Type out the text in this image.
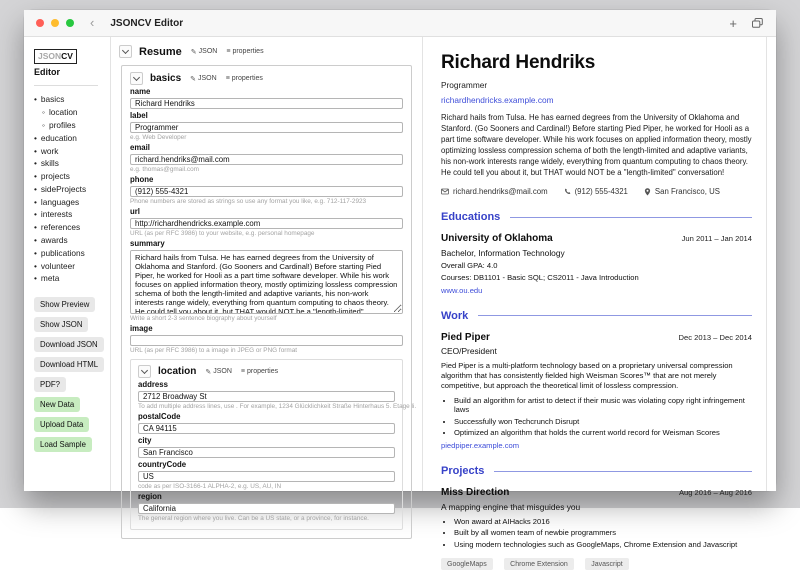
‹ JSONCV Editor	+
JSONCV
Editor
• basics
◦ location
◦ profiles
• education
• work
• skills
• projects
• sideProjects
• languages
• interests
• references
• awards
• publications
• volunteer
• meta
Show Preview
Show JSON
Download JSON
Download HTML
PDF?
New Data
Upload Data
Load Sample
Resume ✎ JSON ≡ properties
basics ✎ JSON ≡ properties
name
Richard Hendriks
label
Programmer
e.g. Web Developer
email
richard.hendriks@mail.com
e.g. thomas@gmail.com
phone
(912) 555-4321
Phone numbers are stored as strings so use any format you like, e.g. 712-117-2923
url
http://richardhendricks.example.com
URL (as per RFC 3986) to your website, e.g. personal homepage
summary
Richard hails from Tulsa. He has earned degrees from the University of Oklahoma and Stanford. (Go Sooners and Cardinal!) Before starting Pied Piper, he worked for Hooli as a part time software developer. While his work focuses on applied information theory, mostly optimizing lossless compression schema of both the length-limited and adaptive variants, his non-work interests range widely, everything from quantum computing to chaos theory. He could tell you about it, but THAT would NOT be a "length-limited" conversation!
Write a short 2-3 sentence biography about yourself
image
URL (as per RFC 3986) to a image in JPEG or PNG format
location ✎ JSON ≡ properties
address
2712 Broadway St
To add multiple address lines, use . For example, 1234 Glücklichkeit Straße Hinterhaus 5. Etage li.
postalCode
CA 94115
city
San Francisco
countryCode
US
code as per ISO-3166-1 ALPHA-2, e.g. US, AU, IN
region
California
The general region where you live. Can be a US state, or a province, for instance.
Richard Hendriks
Programmer
richardhendricks.example.com
Richard hails from Tulsa. He has earned degrees from the University of Oklahoma and Stanford. (Go Sooners and Cardinal!) Before starting Pied Piper, he worked for Hooli as a part time software developer. While his work focuses on applied information theory, mostly optimizing lossless compression schema of both the length-limited and adaptive variants, his non-work interests range widely, everything from quantum computing to chaos theory. He could tell you about it, but THAT would NOT be a "length-limited" conversation!
richard.hendriks@mail.com	(912) 555-4321	San Francisco, US
Educations
University of Oklahoma	Jun 2011 – Jan 2014
Bachelor, Information Technology
Overall GPA: 4.0
Courses: DB1101 - Basic SQL; CS2011 - Java Introduction
www.ou.edu
Work
Pied Piper	Dec 2013 – Dec 2014
CEO/President
Pied Piper is a multi-platform technology based on a proprietary universal compression algorithm that has consistently fielded high Weisman Scores™ that are not merely competitive, but approach the theoretical limit of lossless compression.
• Build an algorithm for artist to detect if their music was violating copy right infringement laws
• Successfully won Techcrunch Disrupt
• Optimized an algorithm that holds the current world record for Weisman Scores
piedpiper.example.com
Projects
Miss Direction	Aug 2016 – Aug 2016
A mapping engine that misguides you
• Won award at AIHacks 2016
• Built by all women team of newbie programmers
• Using modern technologies such as GoogleMaps, Chrome Extension and Javascript
GoogleMaps	Chrome Extension	Javascript
